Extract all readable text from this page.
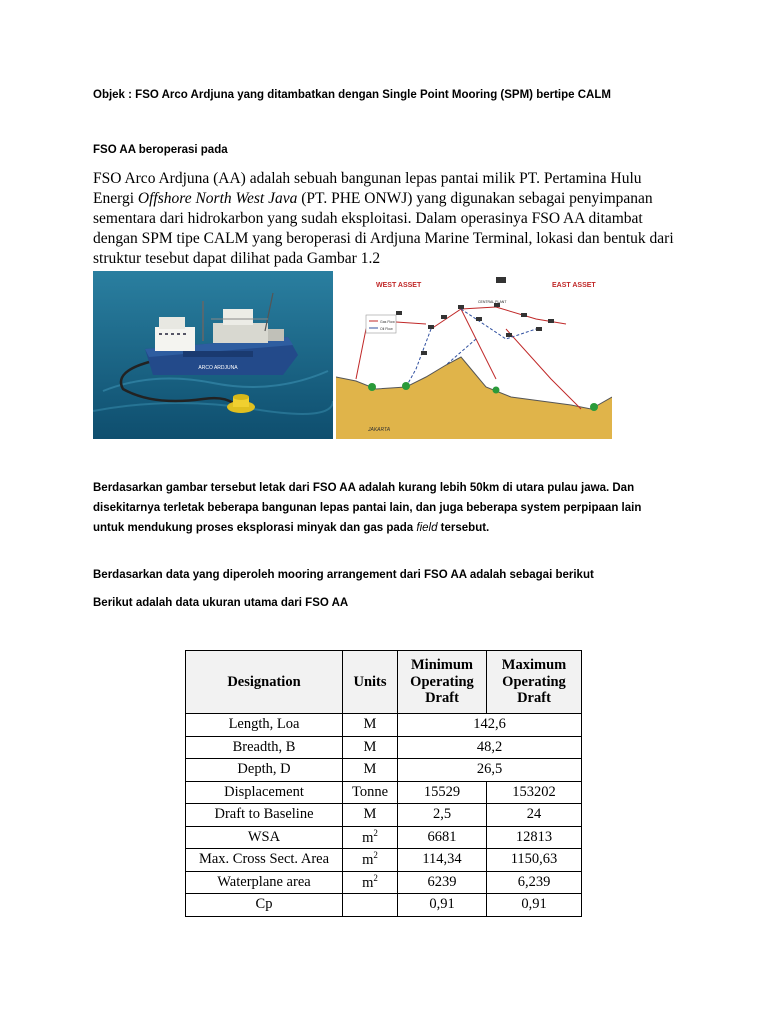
Objek : FSO Arco Ardjuna yang ditambatkan dengan Single Point Mooring (SPM) bertipe CALM
FSO AA beroperasi pada
FSO Arco Ardjuna (AA) adalah sebuah bangunan lepas pantai milik PT. Pertamina Hulu
Energi Offshore North West Java (PT. PHE ONWJ) yang digunakan sebagai penyimpanan
sementara dari hidrokarbon yang sudah eksploitasi. Dalam operasinya FSO AA ditambat
dengan SPM tipe CALM yang beroperasi di Ardjuna Marine Terminal, lokasi dan bentuk dari
struktur tesebut dapat dilihat pada Gambar 1.2
ARCO ARDJUNA
Gas Flow
Oil Flow
WEST ASSET	EAST ASSET
CENTRAL PLANT
JAKARTA
Berdasarkan gambar tersebut letak dari FSO AA adalah kurang lebih 50km di utara pulau jawa. Dan
disekitarnya terletak beberapa bangunan lepas pantai lain, dan juga beberapa system perpipaan lain
untuk mendukung proses eksplorasi minyak dan gas pada field tersebut.
Berdasarkan data yang diperoleh mooring arrangement dari FSO AA adalah sebagai berikut
Berikut adalah data ukuran utama dari FSO AA
Designation	Units	Minimum Operating Draft	Maximum Operating Draft
Length, Loa	M	142,6	
Breadth, B	M	48,2	
Depth, D	M	26,5	
Displacement	Tonne	15529	153202
Draft to Baseline	M	2,5	24
WSA	$m^2$	6681	12813
Max. Cross Sect. Area	$m^2$	114,34	1150,63
Waterplane area	$m^2$	6239	6,239
Cp		0,91	0,91
